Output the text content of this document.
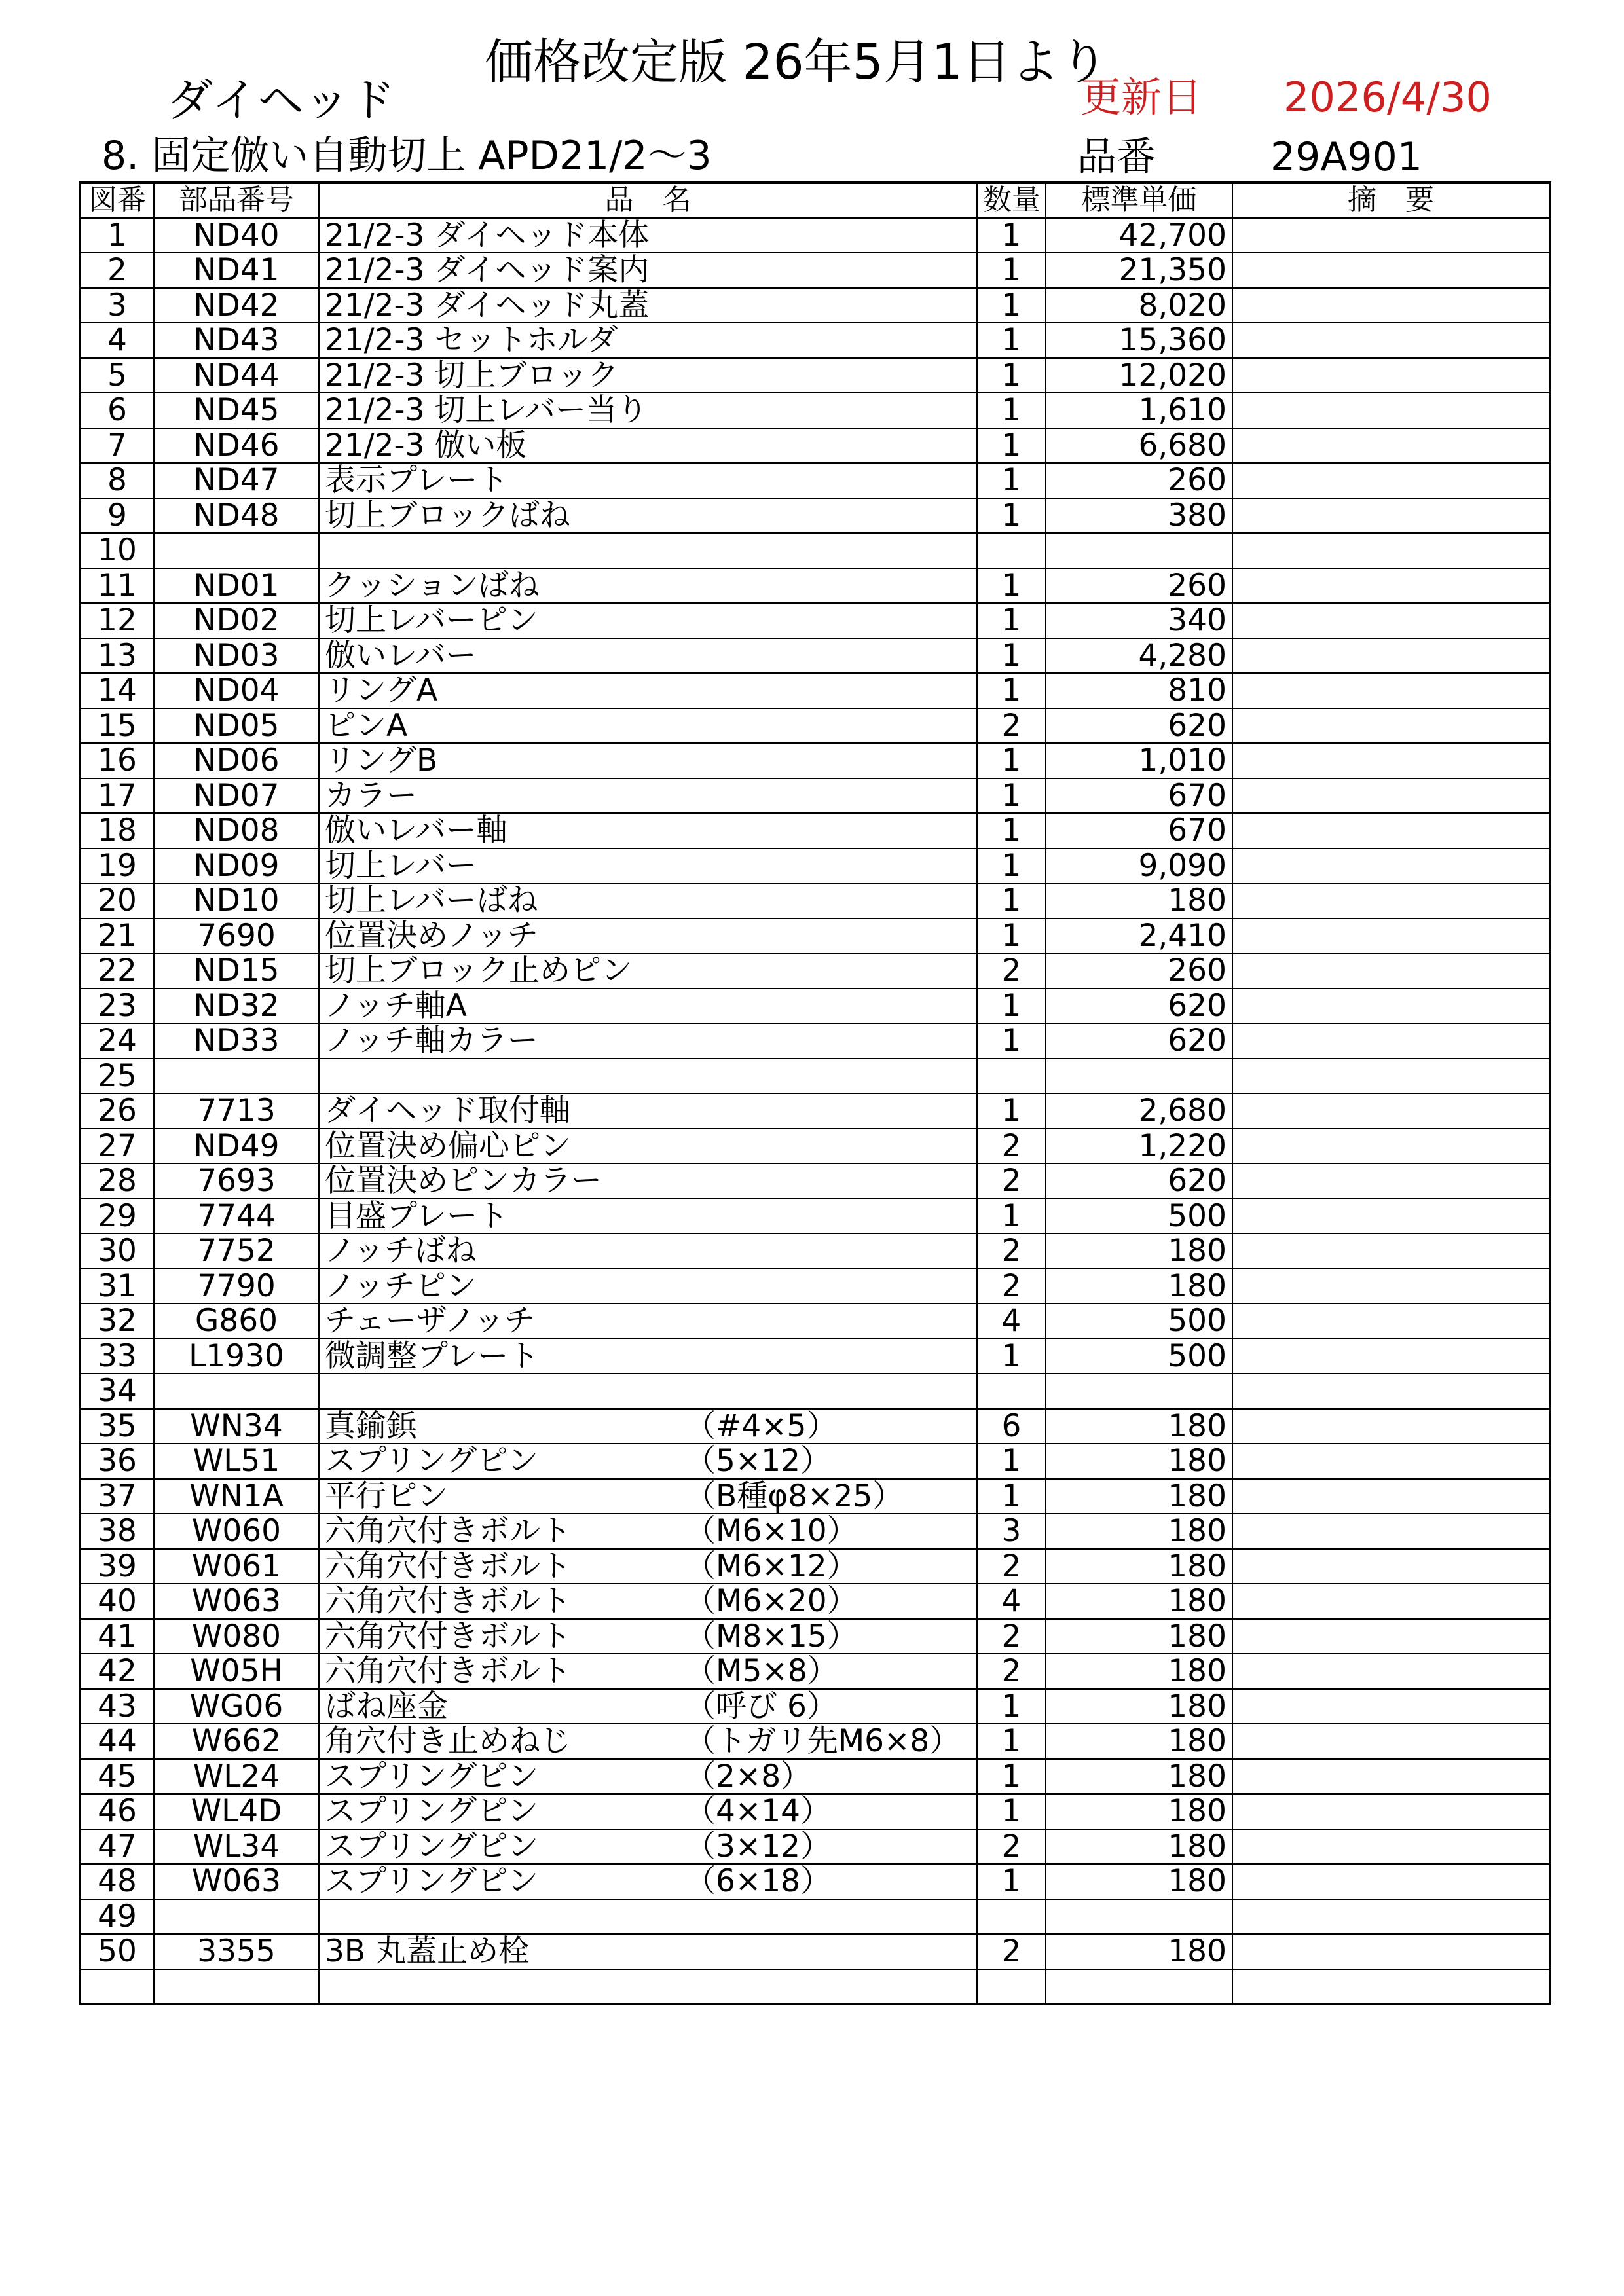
価格改定版 26年5月1日より
ダイヘッド	更新日 2026/4/30
8. 固定倣い自動切上 APD21/2～3	品番	29A901
図番	部品番号	品　名	数量	標準単価	摘　要
1	ND40	21/2-3 ダイヘッド本体	1	42,700	
2	ND41	21/2-3 ダイヘッド案内	1	21,350	
3	ND42	21/2-3 ダイヘッド丸蓋	1	8,020	
4	ND43	21/2-3 セットホルダ	1	15,360	
5	ND44	21/2-3 切上ブロック	1	12,020	
6	ND45	21/2-3 切上レバー当り	1	1,610	
7	ND46	21/2-3 倣い板	1	6,680	
8	ND47	表示プレート	1	260	
9	ND48	切上ブロックばね	1	380	
10					
11	ND01	クッションばね	1	260	
12	ND02	切上レバーピン	1	340	
13	ND03	倣いレバー	1	4,280	
14	ND04	リングA	1	810	
15	ND05	ピンA	2	620	
16	ND06	リングB	1	1,010	
17	ND07	カラー	1	670	
18	ND08	倣いレバー軸	1	670	
19	ND09	切上レバー	1	9,090	
20	ND10	切上レバーばね	1	180	
21	7690	位置決めノッチ	1	2,410	
22	ND15	切上ブロック止めピン	2	260	
23	ND32	ノッチ軸A	1	620	
24	ND33	ノッチ軸カラー	1	620	
25					
26	7713	ダイヘッド取付軸	1	2,680	
27	ND49	位置決め偏心ピン	2	1,220	
28	7693	位置決めピンカラー	2	620	
29	7744	目盛プレート	1	500	
30	7752	ノッチばね	2	180	
31	7790	ノッチピン	2	180	
32	G860	チェーザノッチ	4	500	
33	L1930	微調整プレート	1	500	
34					
35	WN34	真鍮鋲 （#4×5）	6	180	
36	WL51	スプリングピン （5×12）	1	180	
37	WN1A	平行ピン （B種φ8×25）	1	180	
38	W060	六角穴付きボルト （M6×10）	3	180	
39	W061	六角穴付きボルト （M6×12）	2	180	
40	W063	六角穴付きボルト （M6×20）	4	180	
41	W080	六角穴付きボルト （M8×15）	2	180	
42	W05H	六角穴付きボルト （M5×8）	2	180	
43	WG06	ばね座金 （呼び 6）	1	180	
44	W662	角穴付き止めねじ （トガリ先M6×8）	1	180	
45	WL24	スプリングピン （2×8）	1	180	
46	WL4D	スプリングピン （4×14）	1	180	
47	WL34	スプリングピン （3×12）	2	180	
48	W063	スプリングピン （6×18）	1	180	
49					
50	3355	3B 丸蓋止め栓	2	180	
